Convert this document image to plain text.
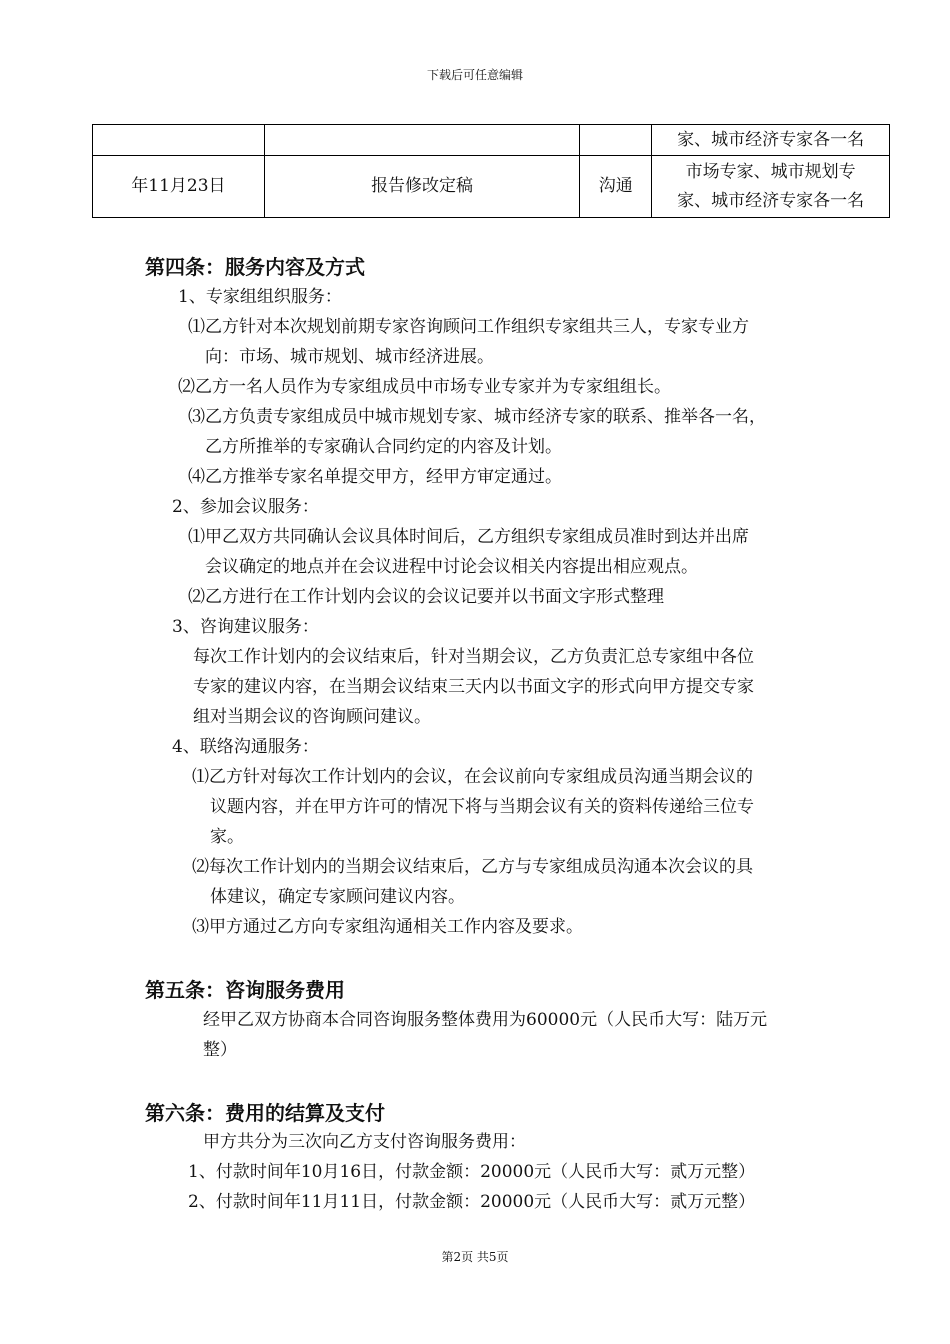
下载后可任意编辑
			家、城市经济专家各一名
年11月23日	报告修改定稿	沟通	市场专家、城市规划专
家、城市经济专家各一名
第四条：服务内容及方式
1、专家组组织服务：
⑴乙方针对本次规划前期专家咨询顾问工作组织专家组共三人，专家专业方
向：市场、城市规划、城市经济进展。
⑵乙方一名人员作为专家组成员中市场专业专家并为专家组组长。
⑶乙方负责专家组成员中城市规划专家、城市经济专家的联系、推举各一名，
乙方所推举的专家确认合同约定的内容及计划。
⑷乙方推举专家名单提交甲方，经甲方审定通过。
2、参加会议服务：
⑴甲乙双方共同确认会议具体时间后，乙方组织专家组成员准时到达并出席
会议确定的地点并在会议进程中讨论会议相关内容提出相应观点。
⑵乙方进行在工作计划内会议的会议记要并以书面文字形式整理
3、咨询建议服务：
每次工作计划内的会议结束后，针对当期会议，乙方负责汇总专家组中各位
专家的建议内容，在当期会议结束三天内以书面文字的形式向甲方提交专家
组对当期会议的咨询顾问建议。
4、联络沟通服务：
⑴乙方针对每次工作计划内的会议，在会议前向专家组成员沟通当期会议的
议题内容，并在甲方许可的情况下将与当期会议有关的资料传递给三位专
家。
⑵每次工作计划内的当期会议结束后，乙方与专家组成员沟通本次会议的具
体建议，确定专家顾问建议内容。
⑶甲方通过乙方向专家组沟通相关工作内容及要求。
第五条：咨询服务费用
经甲乙双方协商本合同咨询服务整体费用为60000元（人民币大写：陆万元
整）
第六条：费用的结算及支付
甲方共分为三次向乙方支付咨询服务费用：
1、付款时间年10月16日，付款金额：20000元（人民币大写：贰万元整）
2、付款时间年11月11日，付款金额：20000元（人民币大写：贰万元整）
第2页 共5页
